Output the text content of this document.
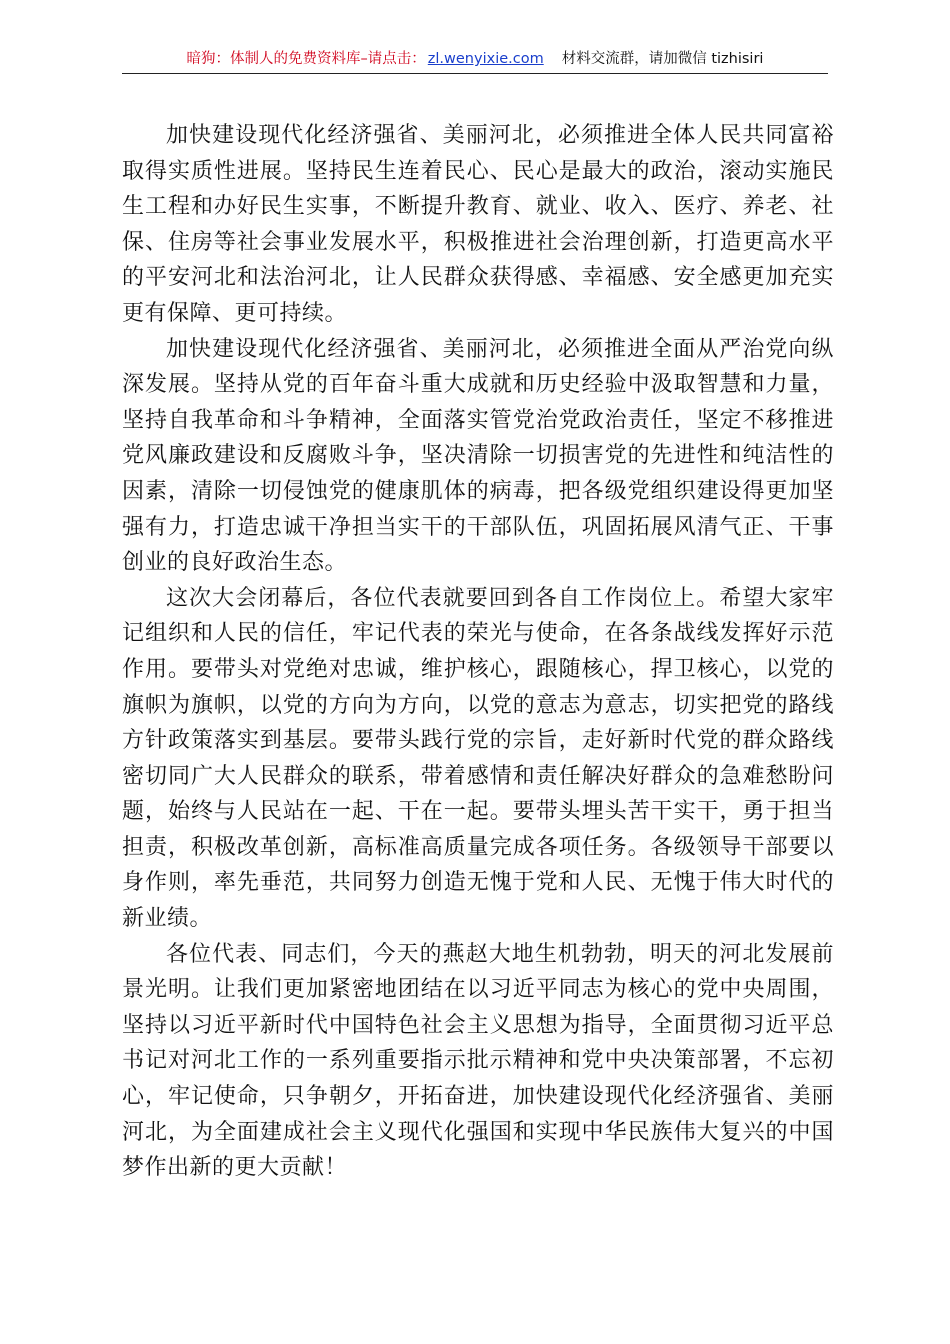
暗狗：体制人的免费资料库–请点击： zl.wenyixie.com 材料交流群，请加微信 tizhisiri

加快建设现代化经济强省、美丽河北，必须推进全体人民共同富裕取得实质性进展。坚持民生连着民心、民心是最大的政治，滚动实施民生工程和办好民生实事，不断提升教育、就业、收入、医疗、养老、社保、住房等社会事业发展水平，积极推进社会治理创新，打造更高水平的平安河北和法治河北，让人民群众获得感、幸福感、安全感更加充实更有保障、更可持续。

加快建设现代化经济强省、美丽河北，必须推进全面从严治党向纵深发展。坚持从党的百年奋斗重大成就和历史经验中汲取智慧和力量，坚持自我革命和斗争精神，全面落实管党治党政治责任，坚定不移推进党风廉政建设和反腐败斗争，坚决清除一切损害党的先进性和纯洁性的因素，清除一切侵蚀党的健康肌体的病毒，把各级党组织建设得更加坚强有力，打造忠诚干净担当实干的干部队伍，巩固拓展风清气正、干事创业的良好政治生态。

这次大会闭幕后，各位代表就要回到各自工作岗位上。希望大家牢记组织和人民的信任，牢记代表的荣光与使命，在各条战线发挥好示范作用。要带头对党绝对忠诚，维护核心，跟随核心，捍卫核心，以党的旗帜为旗帜，以党的方向为方向，以党的意志为意志，切实把党的路线方针政策落实到基层。要带头践行党的宗旨，走好新时代党的群众路线密切同广大人民群众的联系，带着感情和责任解决好群众的急难愁盼问题，始终与人民站在一起、干在一起。要带头埋头苦干实干，勇于担当担责，积极改革创新，高标准高质量完成各项任务。各级领导干部要以身作则，率先垂范，共同努力创造无愧于党和人民、无愧于伟大时代的新业绩。

各位代表、同志们，今天的燕赵大地生机勃勃，明天的河北发展前景光明。让我们更加紧密地团结在以习近平同志为核心的党中央周围，坚持以习近平新时代中国特色社会主义思想为指导，全面贯彻习近平总书记对河北工作的一系列重要指示批示精神和党中央决策部署，不忘初心，牢记使命，只争朝夕，开拓奋进，加快建设现代化经济强省、美丽河北，为全面建成社会主义现代化强国和实现中华民族伟大复兴的中国梦作出新的更大贡献！
